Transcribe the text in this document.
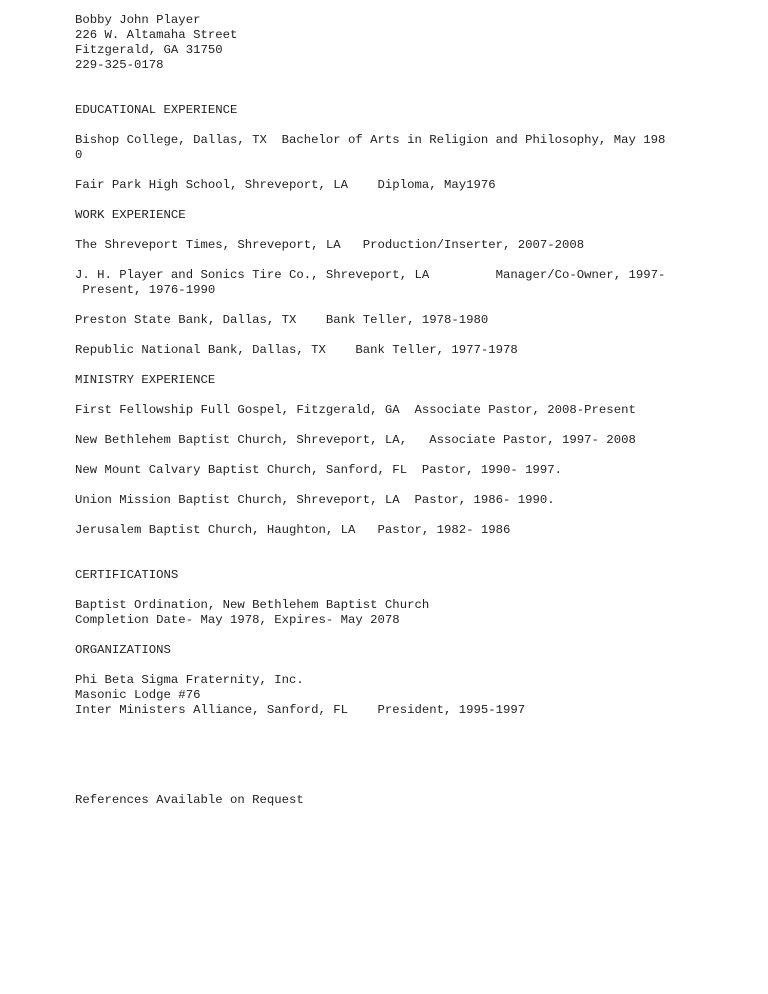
Bobby John Player
226 W. Altamaha Street
Fitzgerald, GA 31750
229-325-0178
EDUCATIONAL EXPERIENCE
Bishop College, Dallas, TX  Bachelor of Arts in Religion and Philosophy, May 198
0
Fair Park High School, Shreveport, LA    Diploma, May1976
WORK EXPERIENCE
The Shreveport Times, Shreveport, LA   Production/Inserter, 2007-2008
J. H. Player and Sonics Tire Co., Shreveport, LA         Manager/Co-Owner, 1997-
Present, 1976-1990
Preston State Bank, Dallas, TX    Bank Teller, 1978-1980
Republic National Bank, Dallas, TX    Bank Teller, 1977-1978
MINISTRY EXPERIENCE
First Fellowship Full Gospel, Fitzgerald, GA  Associate Pastor, 2008-Present
New Bethlehem Baptist Church, Shreveport, LA,   Associate Pastor, 1997- 2008
New Mount Calvary Baptist Church, Sanford, FL  Pastor, 1990- 1997.
Union Mission Baptist Church, Shreveport, LA  Pastor, 1986- 1990.
Jerusalem Baptist Church, Haughton, LA   Pastor, 1982- 1986
CERTIFICATIONS
Baptist Ordination, New Bethlehem Baptist Church
Completion Date- May 1978, Expires- May 2078
ORGANIZATIONS
Phi Beta Sigma Fraternity, Inc.
Masonic Lodge #76
Inter Ministers Alliance, Sanford, FL    President, 1995-1997
References Available on Request
